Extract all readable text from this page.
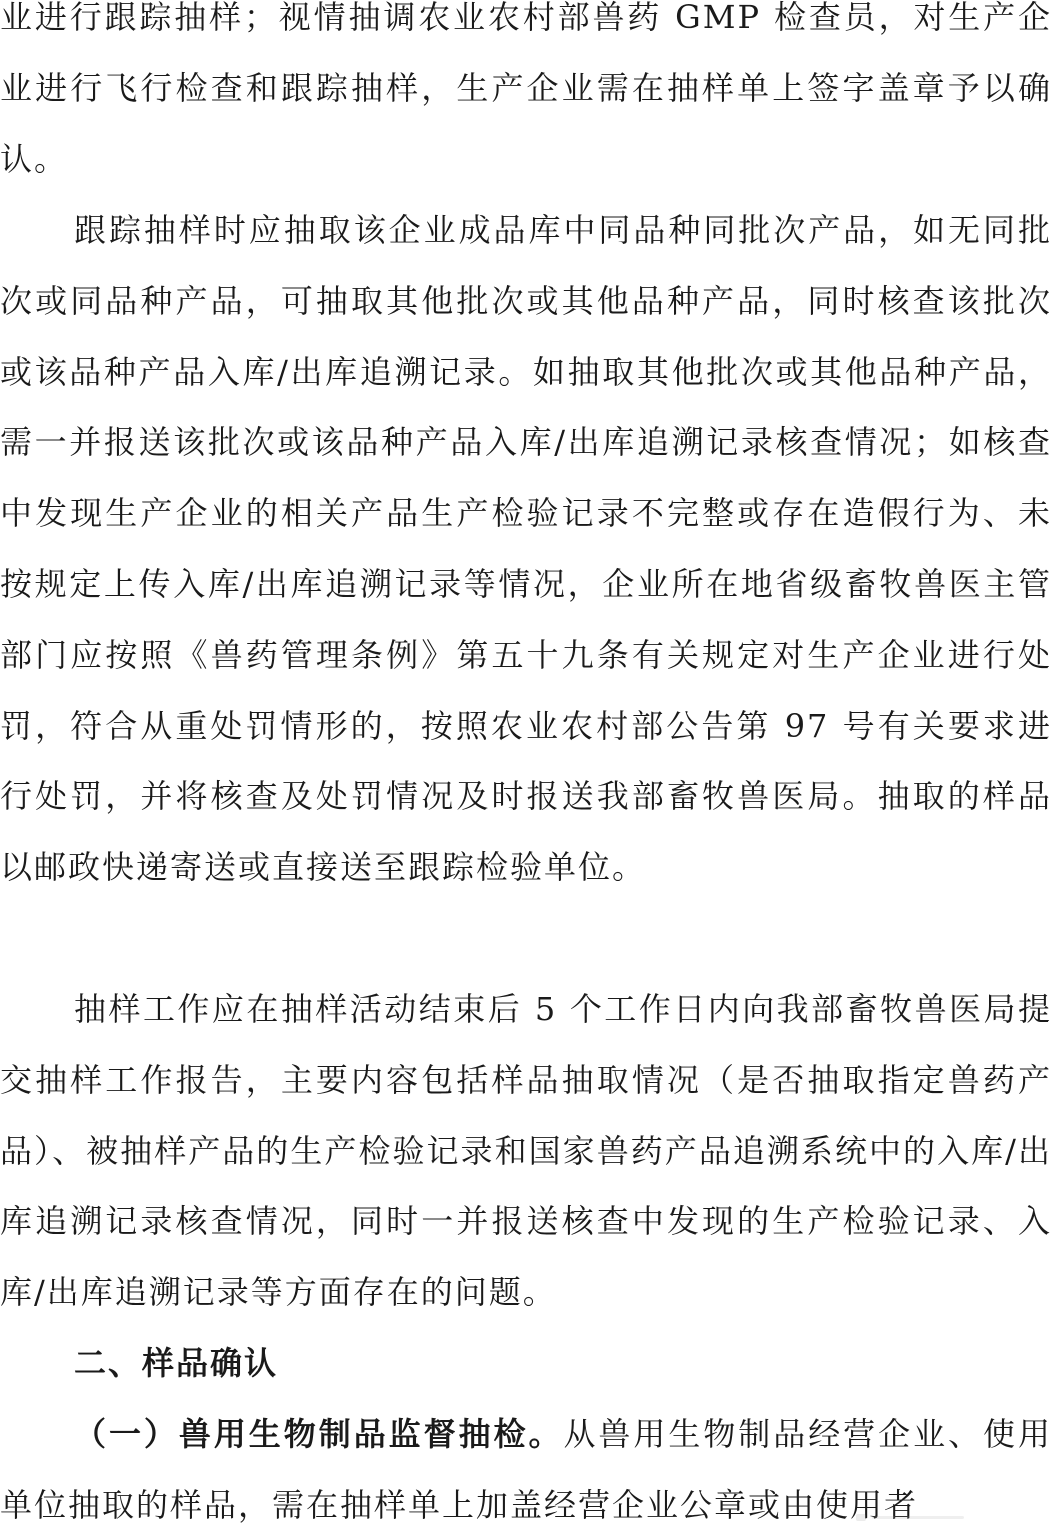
业进行跟踪抽样；视情抽调农业农村部兽药 GMP 检查员，对生产企业进行飞行检查和跟踪抽样，生产企业需在抽样单上签字盖章予以确认。

跟踪抽样时应抽取该企业成品库中同品种同批次产品，如无同批次或同品种产品，可抽取其他批次或其他品种产品，同时核查该批次或该品种产品入库/出库追溯记录。如抽取其他批次或其他品种产品，需一并报送该批次或该品种产品入库/出库追溯记录核查情况；如核查中发现生产企业的相关产品生产检验记录不完整或存在造假行为、未按规定上传入库/出库追溯记录等情况，企业所在地省级畜牧兽医主管部门应按照《兽药管理条例》第五十九条有关规定对生产企业进行处罚，符合从重处罚情形的，按照农业农村部公告第 97 号有关要求进行处罚，并将核查及处罚情况及时报送我部畜牧兽医局。抽取的样品以邮政快递寄送或直接送至跟踪检验单位。

抽样工作应在抽样活动结束后 5 个工作日内向我部畜牧兽医局提交抽样工作报告，主要内容包括样品抽取情况（是否抽取指定兽药产品）、被抽样产品的生产检验记录和国家兽药产品追溯系统中的入库/出库追溯记录核查情况，同时一并报送核查中发现的生产检验记录、入库/出库追溯记录等方面存在的问题。

二、样品确认

（一）兽用生物制品监督抽检。从兽用生物制品经营企业、使用单位抽取的样品，需在抽样单上加盖经营企业公章或由使用者
